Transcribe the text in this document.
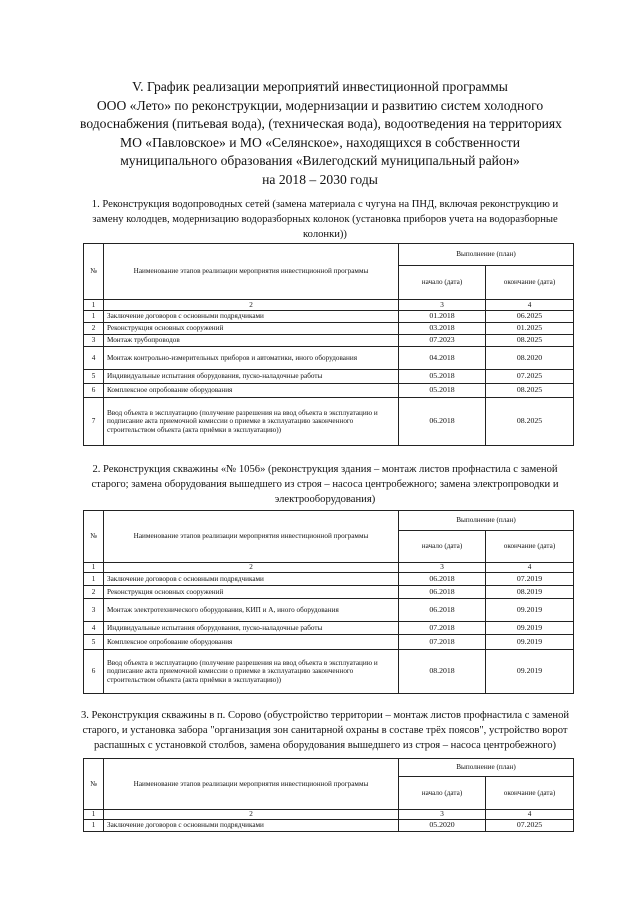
V. График реализации мероприятий инвестиционной программы
ООО «Лето» по реконструкции, модернизации и развитию систем холодного
водоснабжения (питьевая вода), (техническая вода), водоотведения на территориях
МО «Павловское» и МО «Селянское», находящихся в собственности
муниципального образования «Вилегодский муниципальный район»
на 2018 – 2030 годы
1. Реконструкция водопроводных сетей (замена материала с чугуна на ПНД, включая реконструкцию и
замену колодцев, модернизацию водоразборных колонок (установка приборов учета на водоразборные
колонки))
№	Наименование этапов реализации мероприятия инвестиционной программы	Выполнение (план)	
		начало (дата)	окончание (дата)
1	2	3	4
1	Заключение договоров с основными подрядчиками	01.2018	06.2025
2	Реконструкция основных сооружений	03.2018	01.2025
3	Монтаж трубопроводов	07.2023	08.2025
4	Монтаж контрольно-измерительных приборов и автоматики, иного оборудования	04.2018	08.2020
5	Индивидуальные испытания оборудования, пуско-наладочные работы	05.2018	07.2025
6	Комплексное опробование оборудования	05.2018	08.2025
7	Ввод объекта в эксплуатацию (получение разрешения на ввод объекта в эксплуатацию и подписание акта приемочной комиссии о приемке в эксплуатацию законченного строительством объекта (акта приёмки в эксплуатацию))	06.2018	08.2025
2. Реконструкция скважины «№ 1056» (реконструкция здания – монтаж листов профнастила с заменой
старого; замена оборудования вышедшего из строя – насоса центробежного; замена электропроводки и
электрооборудования)
№	Наименование этапов реализации мероприятия инвестиционной программы	Выполнение (план)	
		начало (дата)	окончание (дата)
1	2	3	4
1	Заключение договоров с основными подрядчиками	06.2018	07.2019
2	Реконструкция основных сооружений	06.2018	08.2019
3	Монтаж электротехнического оборудования, КИП и А, иного оборудования	06.2018	09.2019
4	Индивидуальные испытания оборудования, пуско-наладочные работы	07.2018	09.2019
5	Комплексное опробование оборудования	07.2018	09.2019
6	Ввод объекта в эксплуатацию (получение разрешения на ввод объекта в эксплуатацию и подписание акта приемочной комиссии о приемке в эксплуатацию законченного строительством объекта (акта приёмки в эксплуатацию))	08.2018	09.2019
3. Реконструкция скважины в п. Сорово (обустройство территории – монтаж листов профнастила с заменой
старого, и установка забора "организация зон санитарной охраны в составе трёх поясов", устройство ворот
распашных с установкой столбов, замена оборудования вышедшего из строя – насоса центробежного)
№	Наименование этапов реализации мероприятия инвестиционной программы	Выполнение (план)	
		начало (дата)	окончание (дата)
1	2	3	4
1	Заключение договоров с основными подрядчиками	05.2020	07.2025
